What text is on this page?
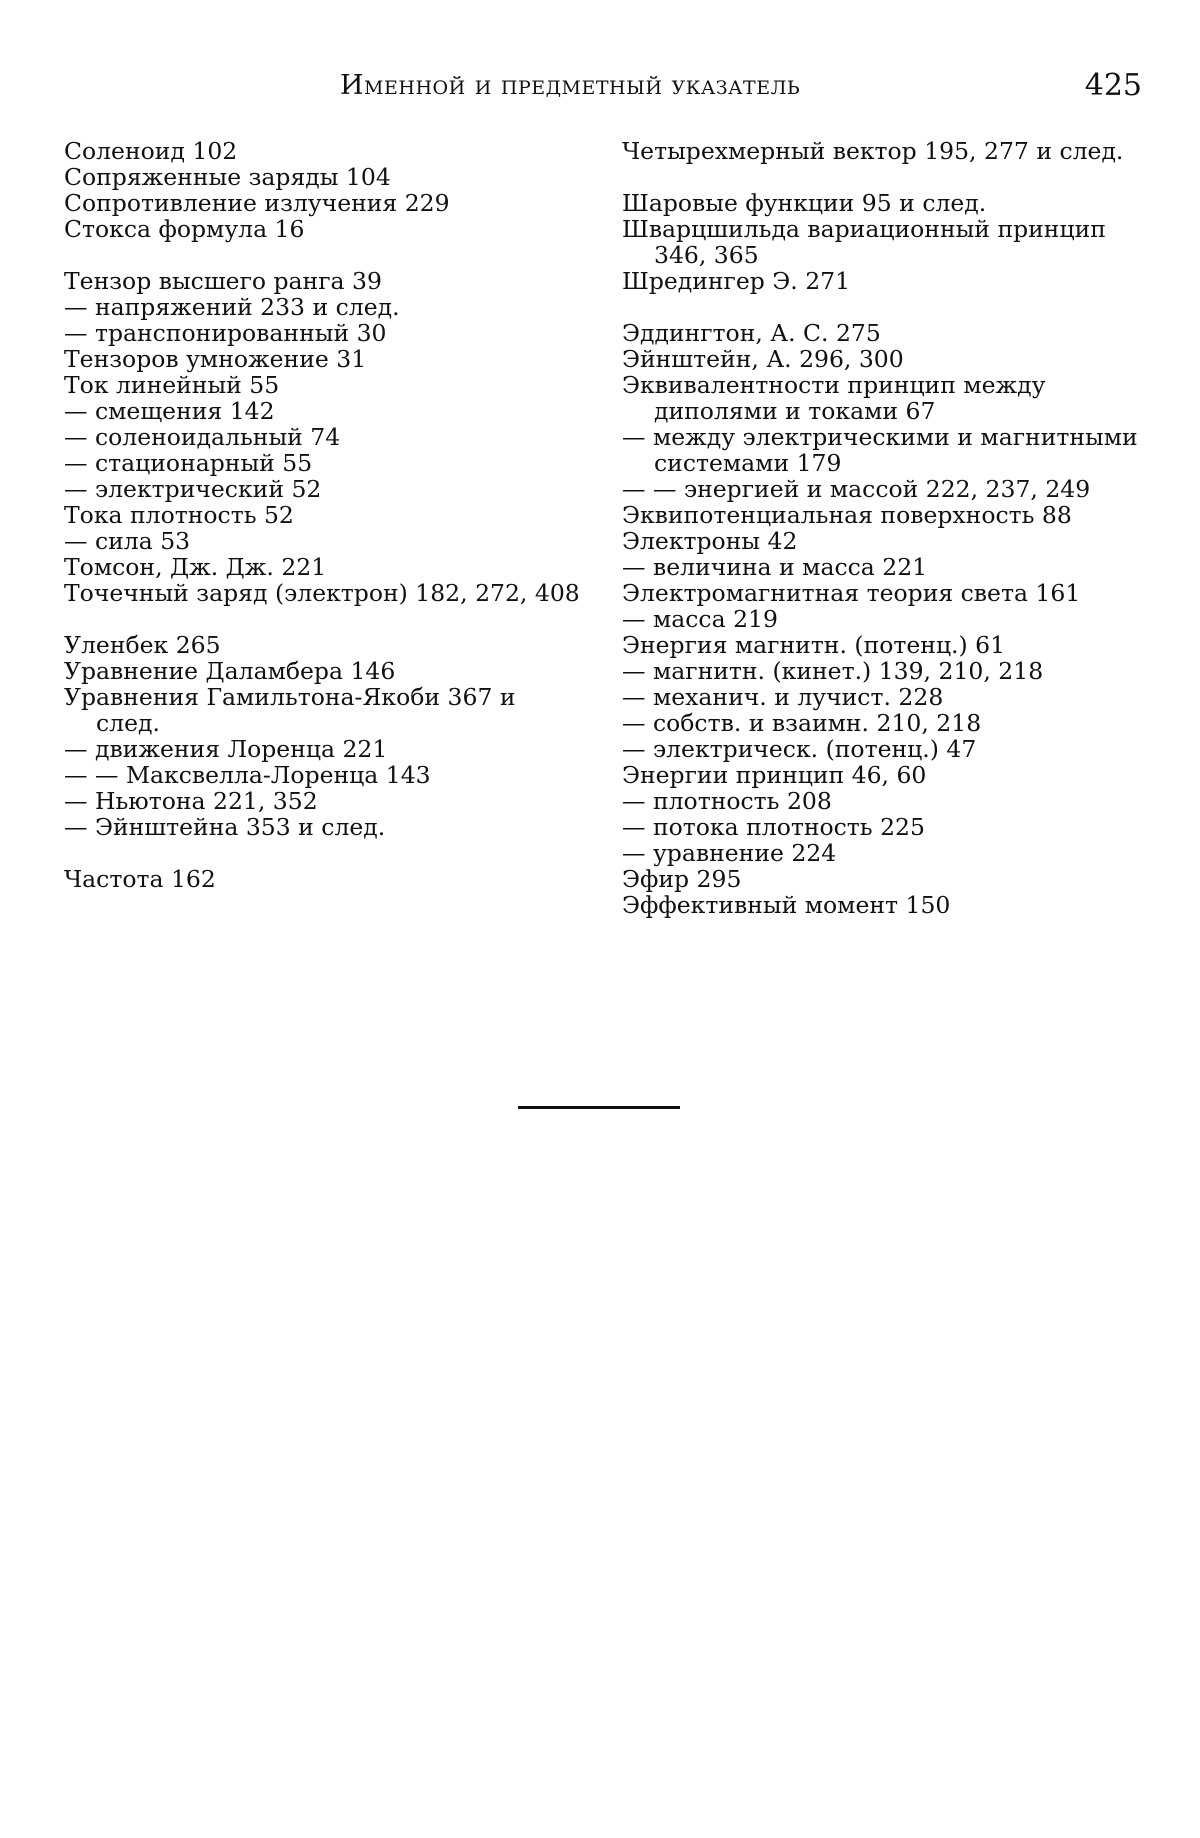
Именной и предметный указатель	425

Соленоид 102

Сопряженные заряды 104

Сопротивление излучения 229

Стокса формула 16

Тензор высшего ранга 39

— напряжений 233 и след.

— транспонированный 30

Тензоров умножение 31

Ток линейный 55

— смещения 142

— соленоидальный 74

— стационарный 55

— электрический 52

Тока плотность 52

— сила 53

Томсон, Дж. Дж. 221

Точечный заряд (электрон) 182, 272, 408

Уленбек 265

Уравнение Даламбера 146

Уравнения Гамильтона-Якоби 367 и след.

— движения Лоренца 221

— — Максвелла-Лоренца 143

— Ньютона 221, 352

— Эйнштейна 353 и след.

Частота 162

Четырехмерный вектор 195, 277 и след.

Шаровые функции 95 и след.

Шварцшильда вариационный принцип 346, 365

Шредингер Э. 271

Эддингтон, А. С. 275

Эйнштейн, А. 296, 300

Эквивалентности принцип между диполями и токами 67

— между электрическими и магнитными системами 179

— — энергией и массой 222, 237, 249

Эквипотенциальная поверхность 88

Электроны 42

— величина и масса 221

Электромагнитная теория света 161

— масса 219

Энергия магнитн. (потенц.) 61

— магнитн. (кинет.) 139, 210, 218

— механич. и лучист. 228

— собств. и взаимн. 210, 218

— электрическ. (потенц.) 47

Энергии принцип 46, 60

— плотность 208

— потока плотность 225

— уравнение 224

Эфир 295

Эффективный момент 150
